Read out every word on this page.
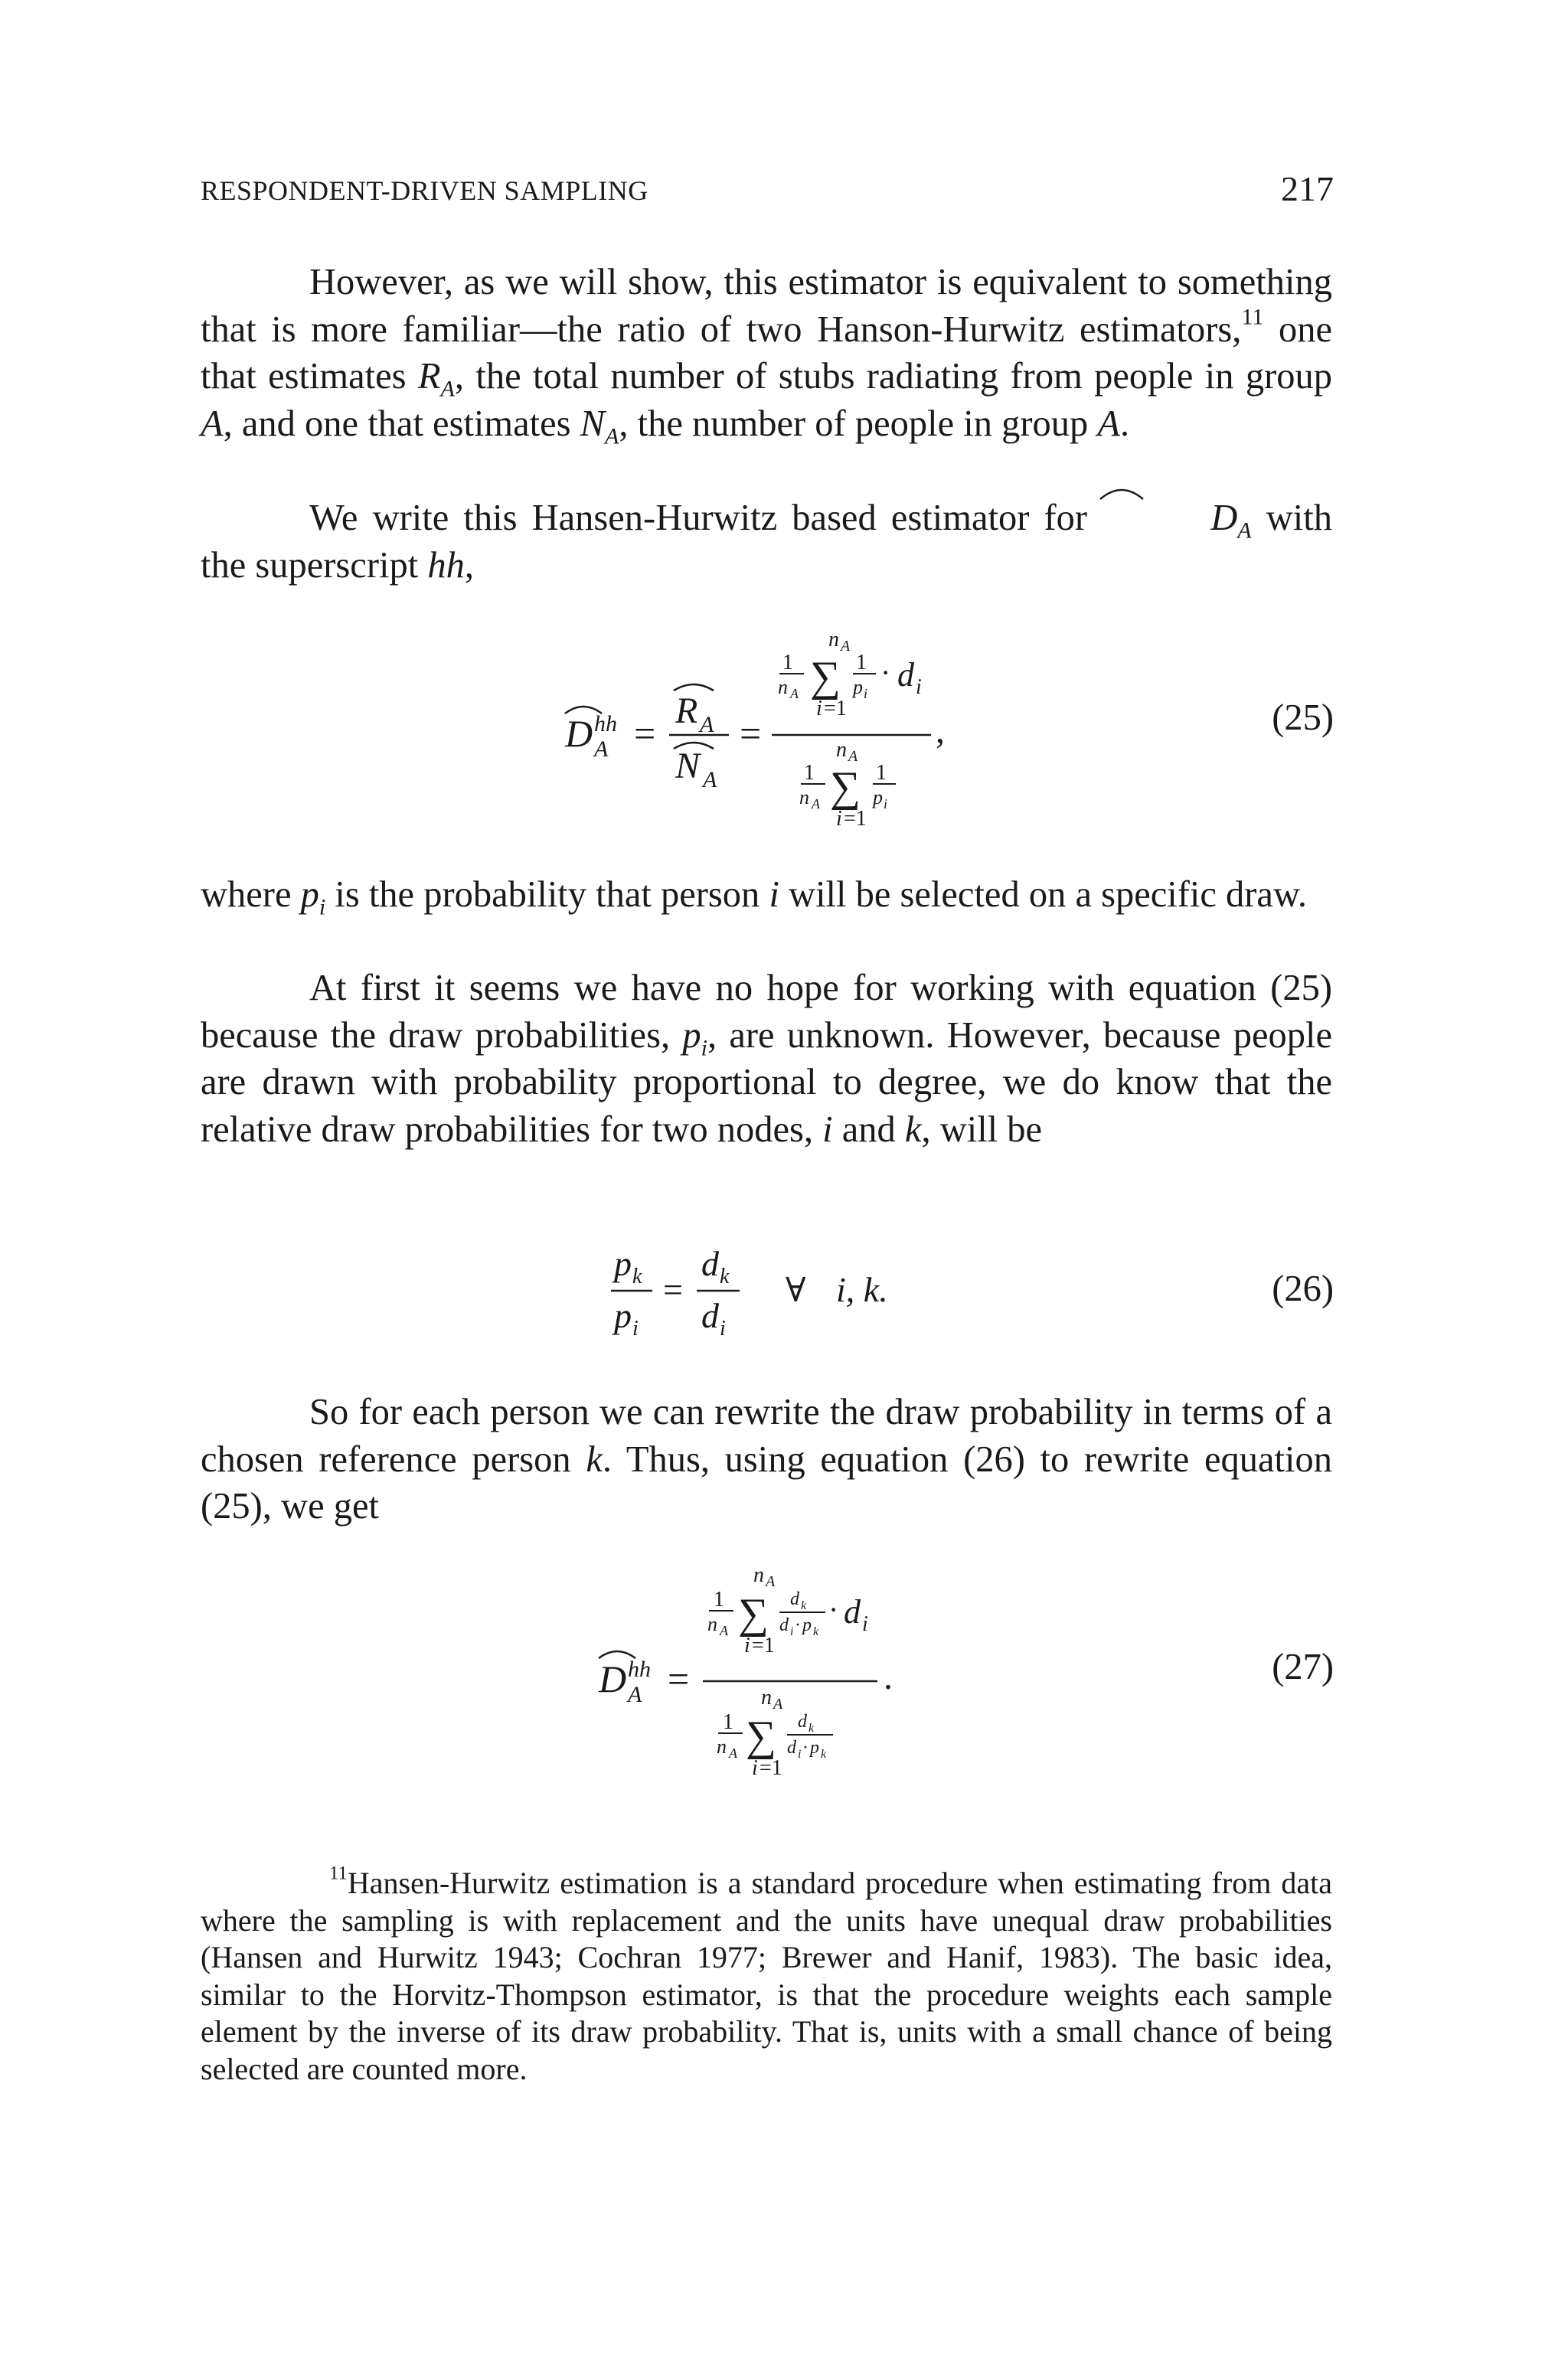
RESPONDENT-DRIVEN SAMPLING	217

However, as we will show, this estimator is equivalent to something that is more familiar—the ratio of two Hanson-Hurwitz estimators,$^{11}$ one that estimates $R_A$, the total number of stubs radiating from people in group A, and one that estimates $N_A$, the number of people in group A.

We write this Hansen-Hurwitz based estimator for	$D_A$ with the superscript hh,

D hh
A =
R A
N A
=
n A
1
n A ∑
i =1
1
p i
· d i
,
n A
1
n A ∑
i =1
1
p i
(25)

where $p_i$ is the probability that person i will be selected on a specific draw.

At first it seems we have no hope for working with equation (25) because the draw probabilities, $p_i$, are unknown. However, because people are drawn with probability proportional to degree, we do know that the relative draw probabilities for two nodes, i and k, will be

p k
p i
=
d k
d i
∀ i, k.	(26)

So for each person we can rewrite the draw probability in terms of a chosen reference person k. Thus, using equation (26) to rewrite equation (25), we get

D hh
A =
n A
1
n A ∑
i =1
d k
d i · p k
· d i
.
n A
1
n A ∑
i =1
d k
d i · p k
(27)

$^{11}$Hansen-Hurwitz estimation is a standard procedure when estimating from data where the sampling is with replacement and the units have unequal draw probabilities (Hansen and Hurwitz 1943; Cochran 1977; Brewer and Hanif, 1983). The basic idea, similar to the Horvitz-Thompson estimator, is that the procedure weights each sample element by the inverse of its draw probability. That is, units with a small chance of being selected are counted more.
